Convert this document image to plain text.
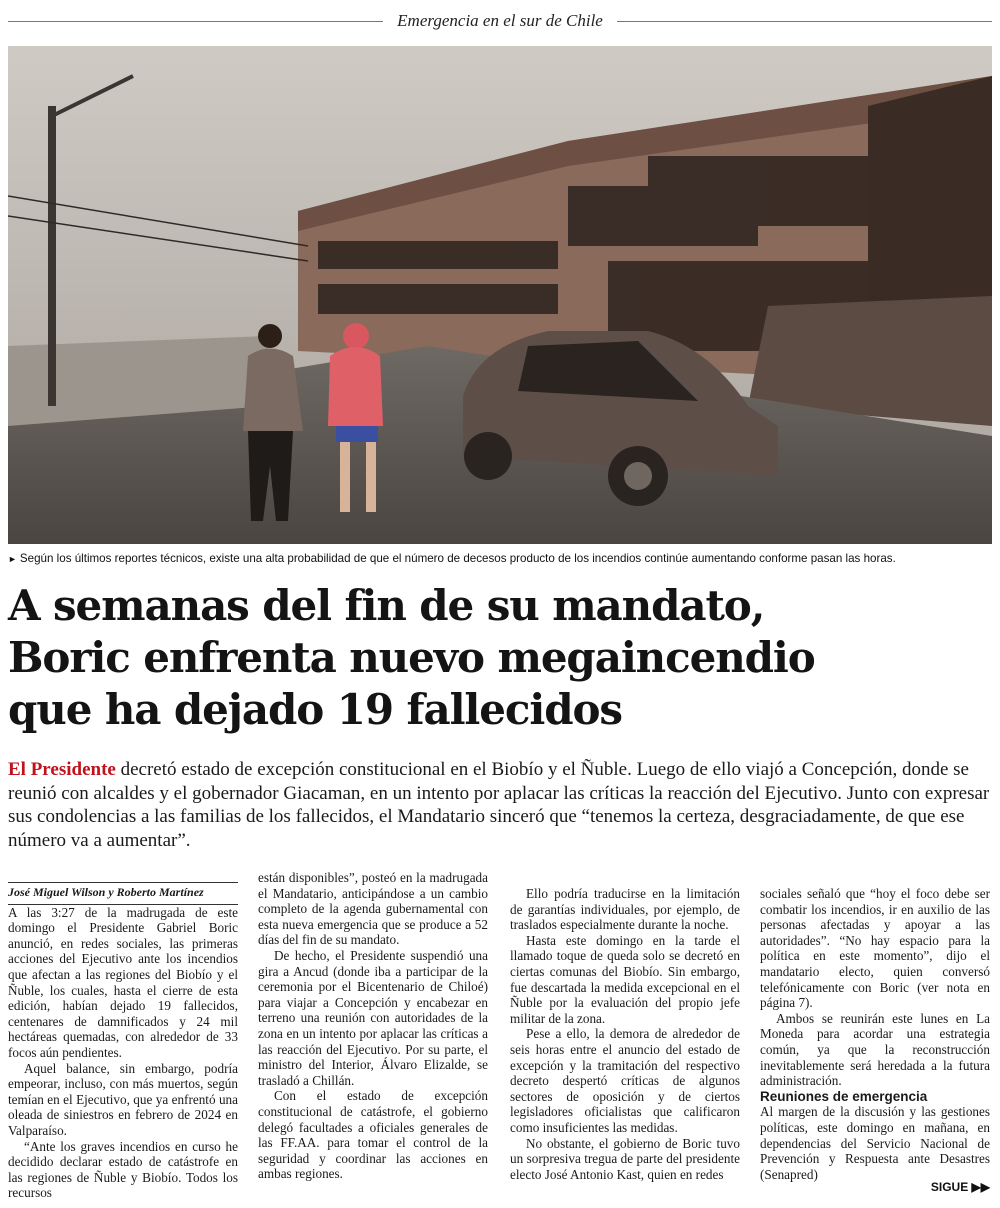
Emergencia en el sur de Chile
► Según los últimos reportes técnicos, existe una alta probabilidad de que el número de decesos producto de los incendios continúe aumentando conforme pasan las horas.
A semanas del fin de su mandato,
Boric enfrenta nuevo megaincendio
que ha dejado 19 fallecidos

El Presidente decretó estado de excepción constitucional en el Biobío y el Ñuble. Luego de ello viajó a Concepción, donde se reunió con alcaldes y el gobernador Giacaman, en un intento por aplacar las críticas la reacción del Ejecutivo. Junto con expresar sus condolencias a las familias de los fallecidos, el Mandatario sinceró que “tenemos la certeza, desgraciadamente, de que ese número va a aumentar”.

José Miguel Wilson y Roberto Martínez

A las 3:27 de la madrugada de este domingo el Presidente Gabriel Boric anunció, en redes sociales, las primeras acciones del Ejecutivo ante los incendios que afectan a las regiones del Biobío y el Ñuble, los cuales, hasta el cierre de esta edición, habían dejado 19 fallecidos, centenares de damnificados y 24 mil hectáreas quemadas, con alrededor de 33 focos aún pendientes.

Aquel balance, sin embargo, podría empeorar, incluso, con más muertos, según temían en el Ejecutivo, que ya enfrentó una oleada de siniestros en febrero de 2024 en Valparaíso.

“Ante los graves incendios en curso he decidido declarar estado de catástrofe en las regiones de Ñuble y Biobío. Todos los recursos

están disponibles”, posteó en la madrugada el Mandatario, anticipándose a un cambio completo de la agenda gubernamental con esta nueva emergencia que se produce a 52 días del fin de su mandato.

De hecho, el Presidente suspendió una gira a Ancud (donde iba a participar de la ceremonia por el Bicentenario de Chiloé) para viajar a Concepción y encabezar en terreno una reunión con autoridades de la zona en un intento por aplacar las críticas a las reacción del Ejecutivo. Por su parte, el ministro del Interior, Álvaro Elizalde, se trasladó a Chillán.

Con el estado de excepción constitucional de catástrofe, el gobierno delegó facultades a oficiales generales de las FF.AA. para tomar el control de la seguridad y coordinar las acciones en ambas regiones.

Ello podría traducirse en la limitación de garantías individuales, por ejemplo, de traslados especialmente durante la noche.

Hasta este domingo en la tarde el llamado toque de queda solo se decretó en ciertas comunas del Biobío. Sin embargo, fue descartada la medida excepcional en el Ñuble por la evaluación del propio jefe militar de la zona.

Pese a ello, la demora de alrededor de seis horas entre el anuncio del estado de excepción y la tramitación del respectivo decreto despertó críticas de algunos sectores de oposición y de ciertos legisladores oficialistas que calificaron como insuficientes las medidas.

No obstante, el gobierno de Boric tuvo un sorpresiva tregua de parte del presidente electo José Antonio Kast, quien en redes

sociales señaló que “hoy el foco debe ser combatir los incendios, ir en auxilio de las personas afectadas y apoyar a las autoridades”. “No hay espacio para la política en este momento”, dijo el mandatario electo, quien conversó telefónicamente con Boric (ver nota en página 7).

Ambos se reunirán este lunes en La Moneda para acordar una estrategia común, ya que la reconstrucción inevitablemente será heredada a la futura administración.

Reuniones de emergencia

Al margen de la discusión y las gestiones políticas, este domingo en mañana, en dependencias del Servicio Nacional de Prevención y Respuesta ante Desastres (Senapred)

SIGUE ▶▶
